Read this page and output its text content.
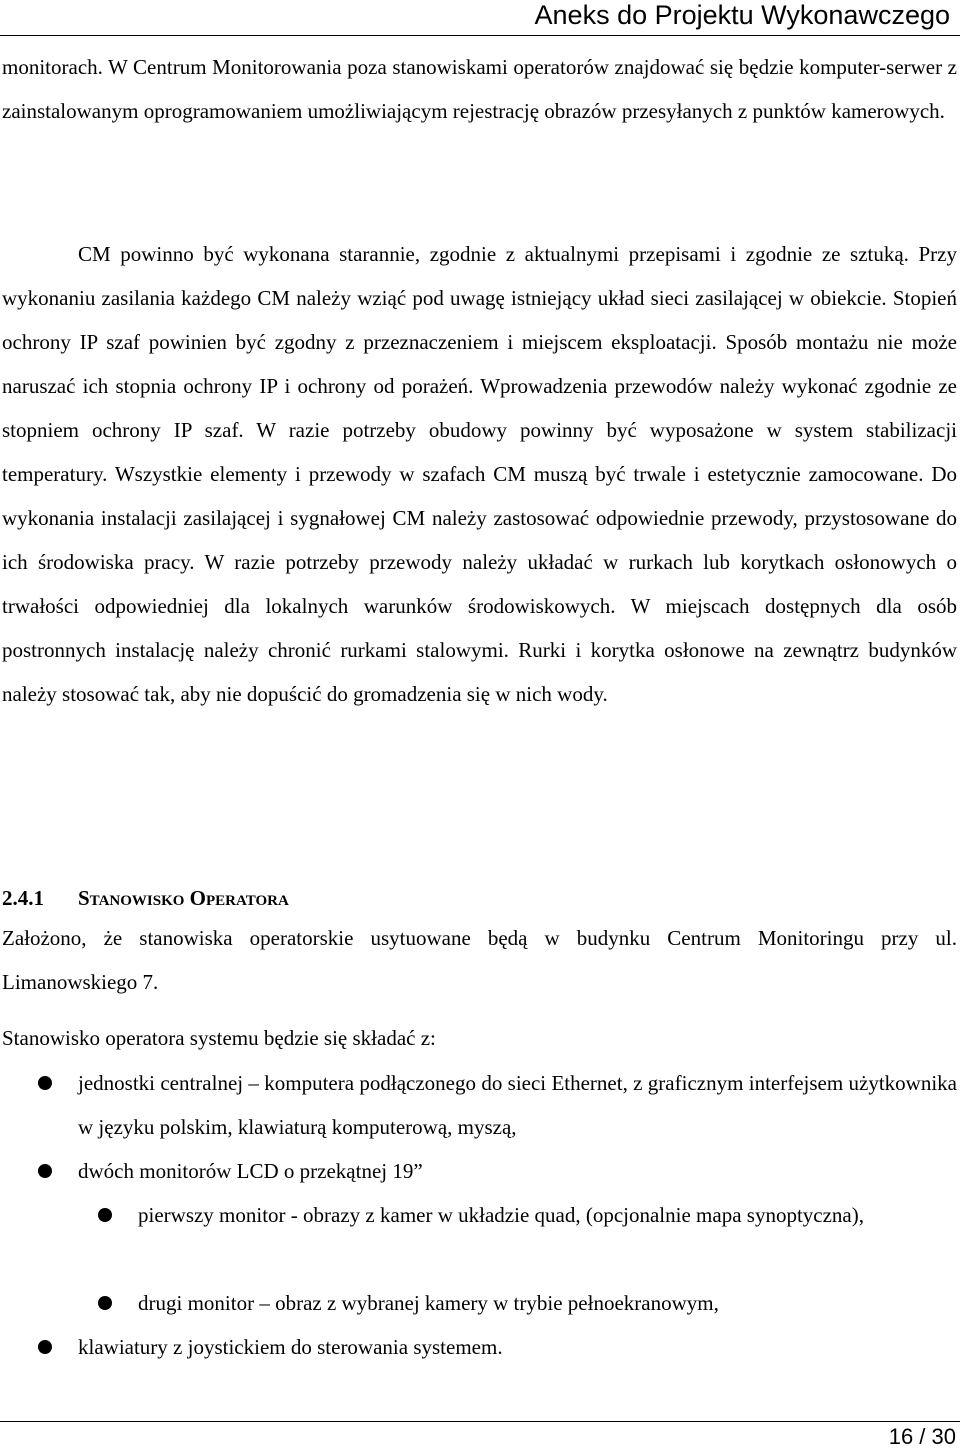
Aneks do Projektu Wykonawczego

monitorach. W Centrum Monitorowania poza stanowiskami operatorów znajdować się będzie komputer-serwer z zainstalowanym oprogramowaniem umożliwiającym rejestrację obrazów przesyłanych z punktów kamerowych.

CM powinno być wykonana starannie, zgodnie z aktualnymi przepisami i zgodnie ze sztuką. Przy wykonaniu zasilania każdego CM należy wziąć pod uwagę istniejący układ sieci zasilającej w obiekcie. Stopień ochrony IP szaf powinien być zgodny z przeznaczeniem i miejscem eksploatacji. Sposób montażu nie może naruszać ich stopnia ochrony IP i ochrony od porażeń. Wprowadzenia przewodów należy wykonać zgodnie ze stopniem ochrony IP szaf. W razie potrzeby obudowy powinny być wyposażone w system stabilizacji temperatury. Wszystkie elementy i przewody w szafach CM muszą być trwale i estetycznie zamocowane. Do wykonania instalacji zasilającej i sygnałowej CM należy zastosować odpowiednie przewody, przystosowane do ich środowiska pracy. W razie potrzeby przewody należy układać w rurkach lub korytkach osłonowych o trwałości odpowiedniej dla lokalnych warunków środowiskowych. W miejscach dostępnych dla osób postronnych instalację należy chronić rurkami stalowymi. Rurki i korytka osłonowe na zewnątrz budynków należy stosować tak, aby nie dopuścić do gromadzenia się w nich wody.

2.4.1 Stanowisko Operatora

Założono, że stanowiska operatorskie usytuowane będą w budynku Centrum Monitoringu przy ul. Limanowskiego 7.

Stanowisko operatora systemu będzie się składać z:

jednostki centralnej – komputera podłączonego do sieci Ethernet, z graficznym interfejsem użytkownika w języku polskim, klawiaturą komputerową, myszą,
dwóch monitorów LCD o przekątnej 19”
pierwszy monitor - obrazy z kamer w układzie quad, (opcjonalnie mapa synoptyczna),
drugi monitor – obraz z wybranej kamery w trybie pełnoekranowym,
klawiatury z joystickiem do sterowania systemem.
16 / 30
